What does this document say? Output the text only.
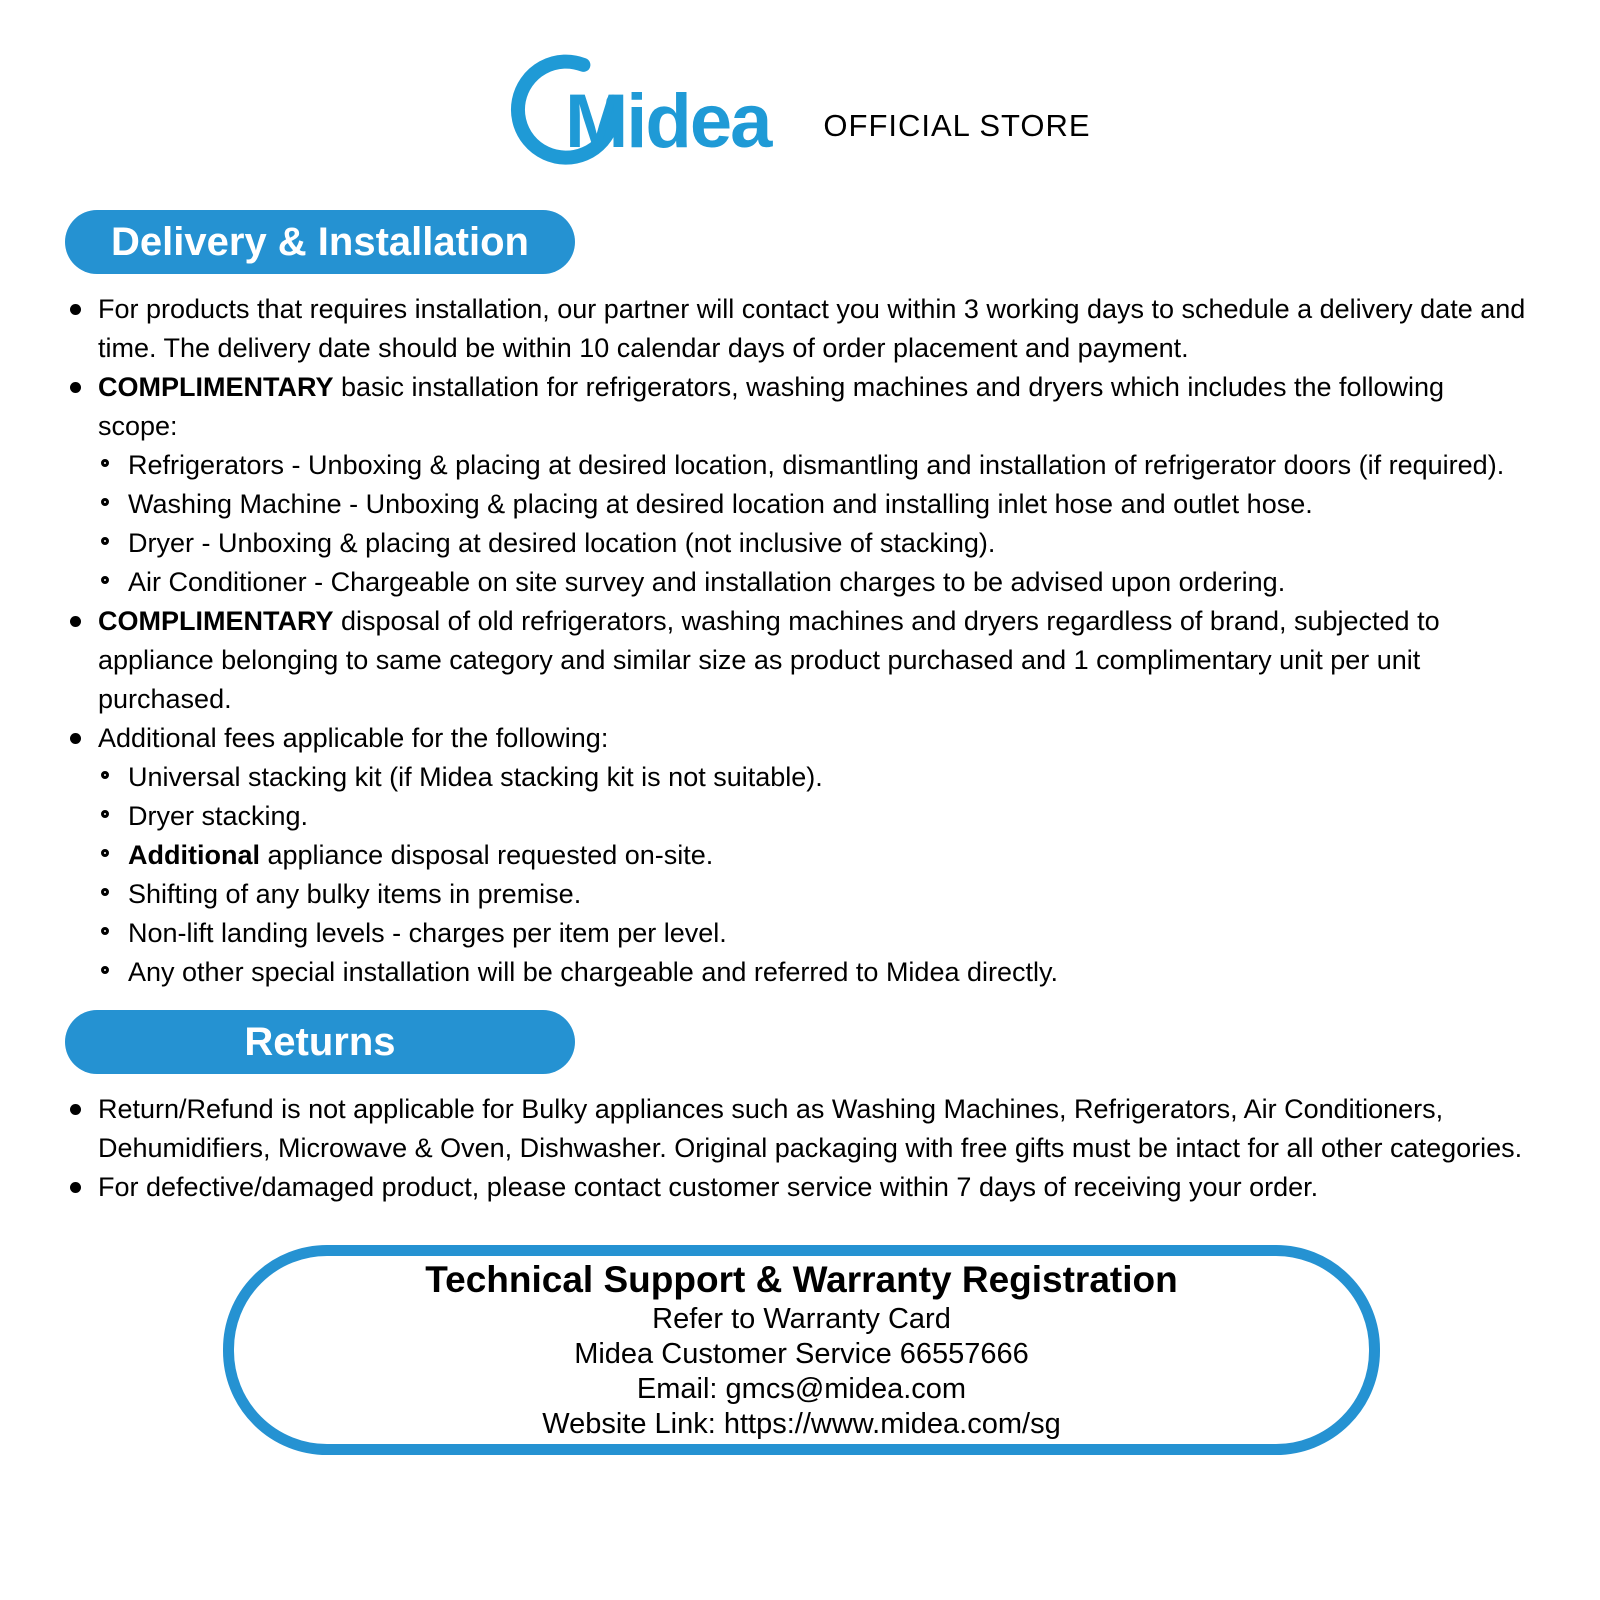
Midea OFFICIAL STORE
Delivery & Installation

For products that requires installation, our partner will contact you within 3 working days to schedule a delivery date and time. The delivery date should be within 10 calendar days of order placement and payment.

COMPLIMENTARY basic installation for refrigerators, washing machines and dryers which includes the following scope:

Refrigerators - Unboxing & placing at desired location, dismantling and installation of refrigerator doors (if required).

Washing Machine - Unboxing & placing at desired location and installing inlet hose and outlet hose.

Dryer - Unboxing & placing at desired location (not inclusive of stacking).

Air Conditioner - Chargeable on site survey and installation charges to be advised upon ordering.

COMPLIMENTARY disposal of old refrigerators, washing machines and dryers regardless of brand, subjected to appliance belonging to same category and similar size as product purchased and 1 complimentary unit per unit purchased.

Additional fees applicable for the following:

Universal stacking kit (if Midea stacking kit is not suitable).

Dryer stacking.

Additional appliance disposal requested on-site.

Shifting of any bulky items in premise.

Non-lift landing levels - charges per item per level.

Any other special installation will be chargeable and referred to Midea directly.

Returns

Return/Refund is not applicable for Bulky appliances such as Washing Machines, Refrigerators, Air Conditioners, Dehumidifiers, Microwave & Oven, Dishwasher. Original packaging with free gifts must be intact for all other categories.

For defective/damaged product, please contact customer service within 7 days of receiving your order.

Technical Support & Warranty Registration

Refer to Warranty Card

Midea Customer Service 66557666

Email: gmcs@midea.com

Website Link: https://www.midea.com/sg
